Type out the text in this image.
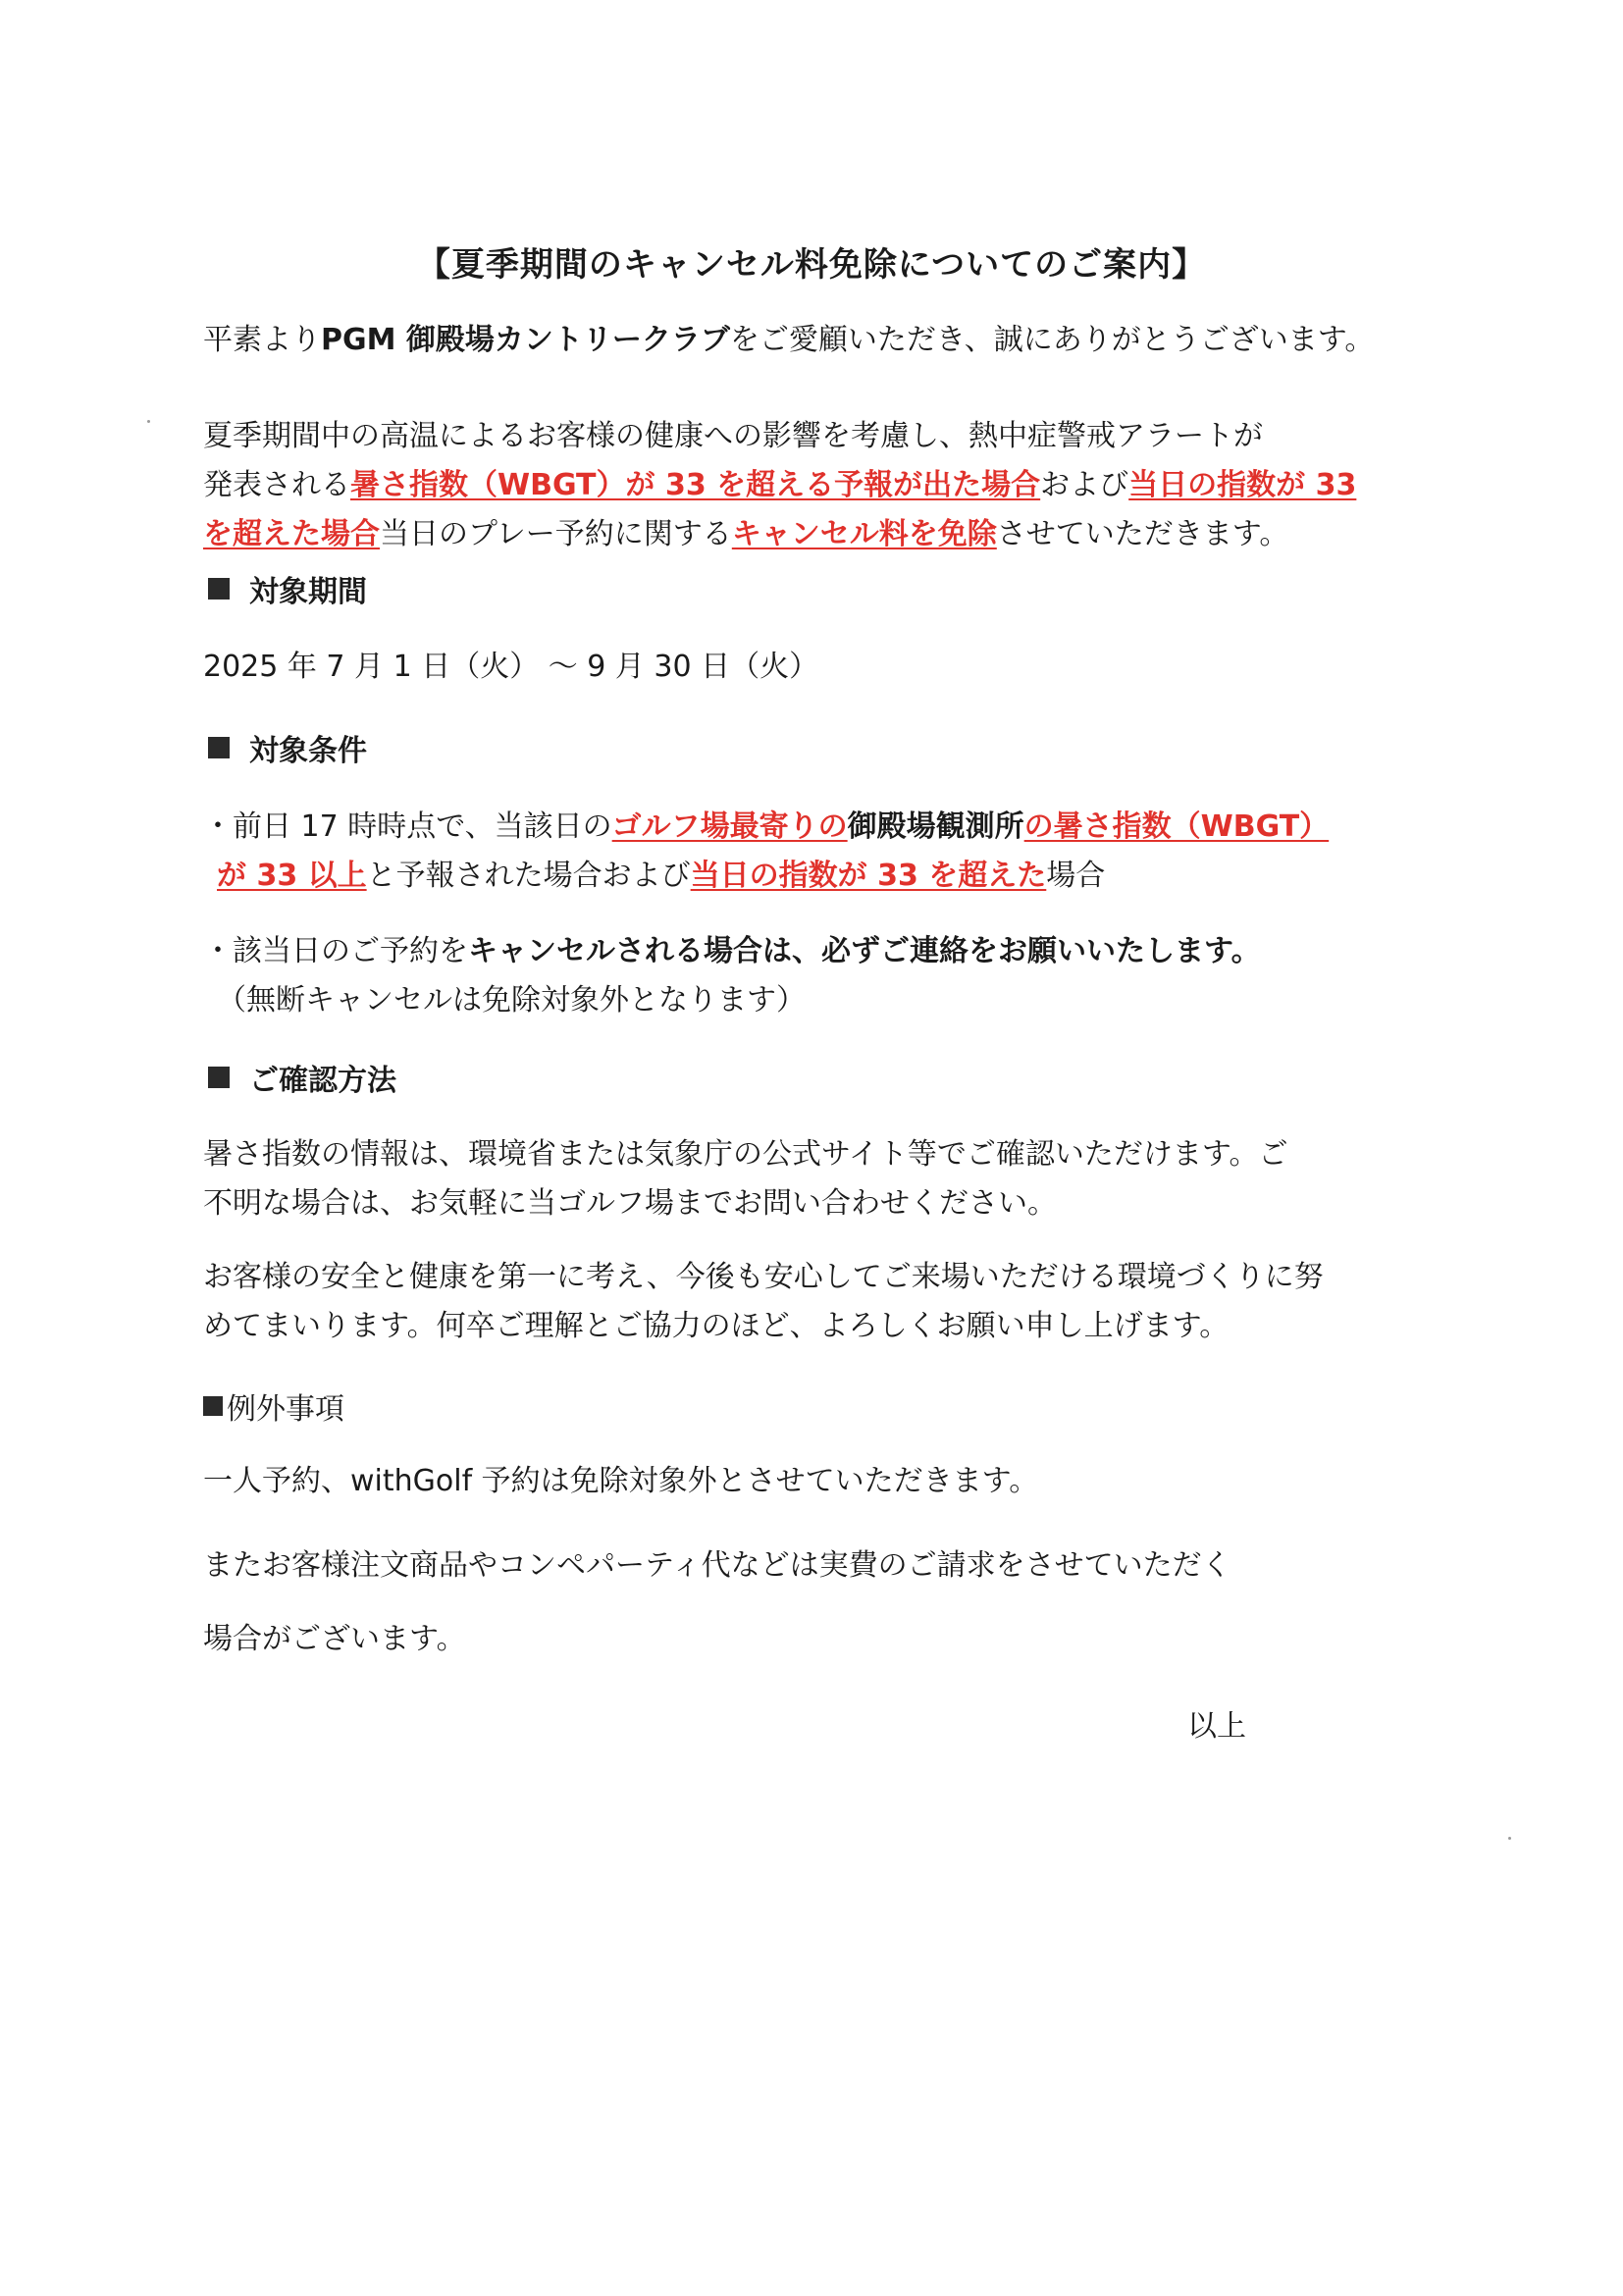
【夏季期間のキャンセル料免除についてのご案内】
平素よりPGM 御殿場カントリークラブをご愛顧いただき、誠にありがとうございます。
夏季期間中の高温によるお客様の健康への影響を考慮し、熱中症警戒アラートが
発表される暑さ指数（WBGT）が 33 を超える予報が出た場合および当日の指数が 33
を超えた場合当日のプレー予約に関するキャンセル料を免除させていただきます。
対象期間
2025 年 7 月 1 日（火） ～ 9 月 30 日（火）
対象条件
・前日 17 時時点で、当該日のゴルフ場最寄りの御殿場観測所の暑さ指数（WBGT）
が 33 以上と予報された場合および当日の指数が 33 を超えた場合
・該当日のご予約をキャンセルされる場合は、必ずご連絡をお願いいたします。
（無断キャンセルは免除対象外となります）
ご確認方法
暑さ指数の情報は、環境省または気象庁の公式サイト等でご確認いただけます。ご
不明な場合は、お気軽に当ゴルフ場までお問い合わせください。
お客様の安全と健康を第一に考え、今後も安心してご来場いただける環境づくりに努
めてまいります。何卒ご理解とご協力のほど、よろしくお願い申し上げます。
例外事項
一人予約、withGolf 予約は免除対象外とさせていただきます。
またお客様注文商品やコンペパーティ代などは実費のご請求をさせていただく
場合がございます。
以上
